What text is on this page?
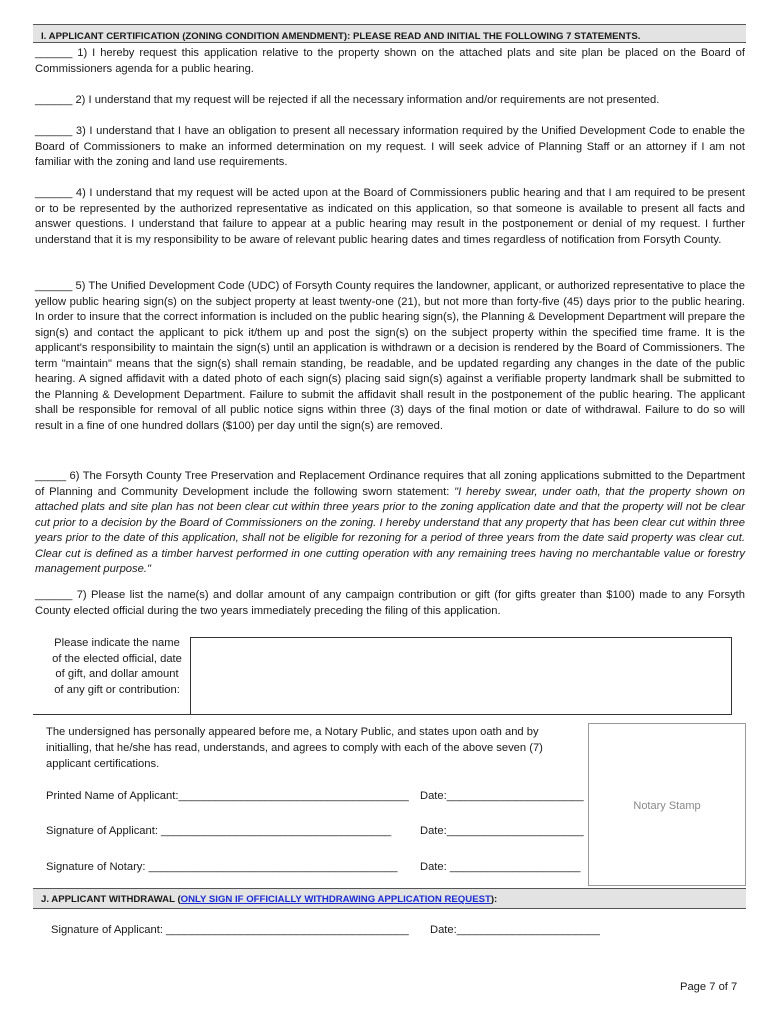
I. APPLICANT CERTIFICATION (ZONING CONDITION AMENDMENT): PLEASE READ AND INITIAL THE FOLLOWING 7 STATEMENTS.

______ 1) I hereby request this application relative to the property shown on the attached plats and site plan be placed on the Board of Commissioners agenda for a public hearing.

______ 2) I understand that my request will be rejected if all the necessary information and/or requirements are not presented.

______ 3) I understand that I have an obligation to present all necessary information required by the Unified Development Code to enable the Board of Commissioners to make an informed determination on my request. I will seek advice of Planning Staff or an attorney if I am not familiar with the zoning and land use requirements.

______ 4) I understand that my request will be acted upon at the Board of Commissioners public hearing and that I am required to be present or to be represented by the authorized representative as indicated on this application, so that someone is available to present all facts and answer questions. I understand that failure to appear at a public hearing may result in the postponement or denial of my request. I further understand that it is my responsibility to be aware of relevant public hearing dates and times regardless of notification from Forsyth County.

______ 5) The Unified Development Code (UDC) of Forsyth County requires the landowner, applicant, or authorized representative to place the yellow public hearing sign(s) on the subject property at least twenty-one (21), but not more than forty-five (45) days prior to the public hearing. In order to insure that the correct information is included on the public hearing sign(s), the Planning & Development Department will prepare the sign(s) and contact the applicant to pick it/them up and post the sign(s) on the subject property within the specified time frame. It is the applicant's responsibility to maintain the sign(s) until an application is withdrawn or a decision is rendered by the Board of Commissioners. The term "maintain" means that the sign(s) shall remain standing, be readable, and be updated regarding any changes in the date of the public hearing. A signed affidavit with a dated photo of each sign(s) placing said sign(s) against a verifiable property landmark shall be submitted to the Planning & Development Department. Failure to submit the affidavit shall result in the postponement of the public hearing. The applicant shall be responsible for removal of all public notice signs within three (3) days of the final motion or date of withdrawal. Failure to do so will result in a fine of one hundred dollars ($100) per day until the sign(s) are removed.

_____ 6) The Forsyth County Tree Preservation and Replacement Ordinance requires that all zoning applications submitted to the Department of Planning and Community Development include the following sworn statement: "I hereby swear, under oath, that the property shown on attached plats and site plan has not been clear cut within three years prior to the zoning application date and that the property will not be clear cut prior to a decision by the Board of Commissioners on the zoning. I hereby understand that any property that has been clear cut within three years prior to the date of this application, shall not be eligible for rezoning for a period of three years from the date said property was clear cut. Clear cut is defined as a timber harvest performed in one cutting operation with any remaining trees having no merchantable value or forestry management purpose."

______ 7) Please list the name(s) and dollar amount of any campaign contribution or gift (for gifts greater than $100) made to any Forsyth County elected official during the two years immediately preceding the filing of this application.

Please indicate the name of the elected official, date of gift, and dollar amount of any gift or contribution:

The undersigned has personally appeared before me, a Notary Public, and states upon oath and by initialling, that he/she has read, understands, and agrees to comply with each of the above seven (7) applicant certifications.

Notary Stamp
Printed Name of Applicant:_____________________________________ Date:______________________
Signature of Applicant: _____________________________________	Date:______________________
Signature of Notary: ________________________________________ Date: _____________________
J. APPLICANT WITHDRAWAL (ONLY SIGN IF OFFICIALLY WITHDRAWING APPLICATION REQUEST):
Signature of Applicant: _______________________________________ Date:_______________________
Page 7 of 7
